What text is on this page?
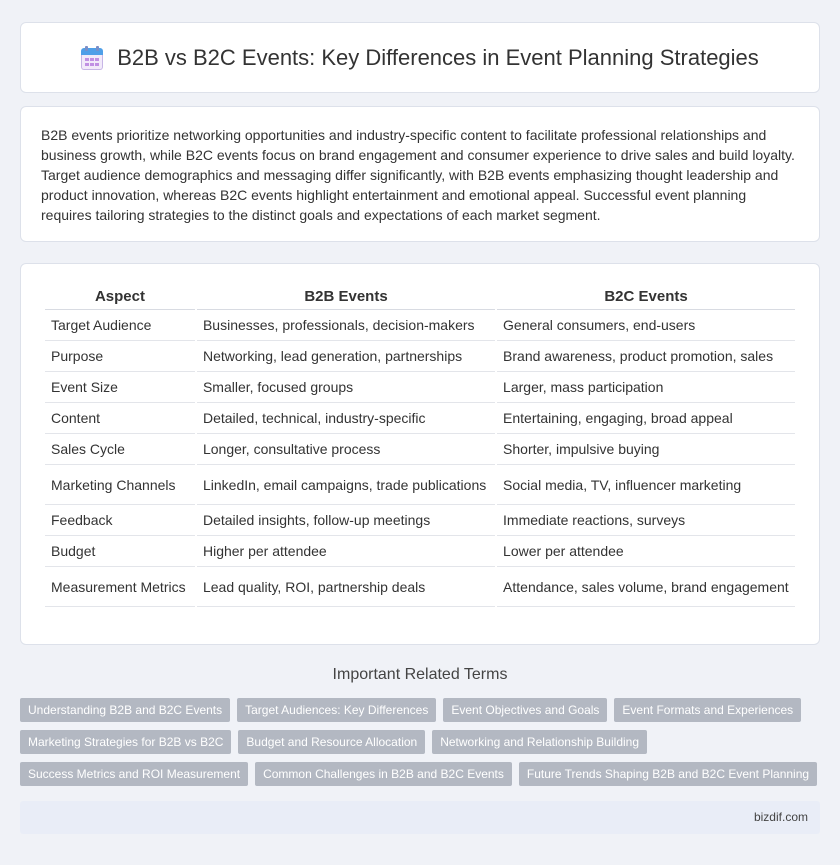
B2B vs B2C Events: Key Differences in Event Planning Strategies

B2B events prioritize networking opportunities and industry-specific content to facilitate professional relationships and business growth, while B2C events focus on brand engagement and consumer experience to drive sales and build loyalty. Target audience demographics and messaging differ significantly, with B2B events emphasizing thought leadership and product innovation, whereas B2C events highlight entertainment and emotional appeal. Successful event planning requires tailoring strategies to the distinct goals and expectations of each market segment.

Aspect	B2B Events	B2C Events
Target Audience	Businesses, professionals, decision-makers	General consumers, end-users
Purpose	Networking, lead generation, partnerships	Brand awareness, product promotion, sales
Event Size	Smaller, focused groups	Larger, mass participation
Content	Detailed, technical, industry-specific	Entertaining, engaging, broad appeal
Sales Cycle	Longer, consultative process	Shorter, impulsive buying
Marketing Channels	LinkedIn, email campaigns, trade publications	Social media, TV, influencer marketing
Feedback	Detailed insights, follow-up meetings	Immediate reactions, surveys
Budget	Higher per attendee	Lower per attendee
Measurement Metrics	Lead quality, ROI, partnership deals	Attendance, sales volume, brand engagement
Important Related Terms
Understanding B2B and B2C Events	Target Audiences: Key Differences	Event Objectives and Goals	Event Formats and Experiences
Marketing Strategies for B2B vs B2C	Budget and Resource Allocation	Networking and Relationship Building
Success Metrics and ROI Measurement	Common Challenges in B2B and B2C Events	Future Trends Shaping B2B and B2C Event Planning
bizdif.com
